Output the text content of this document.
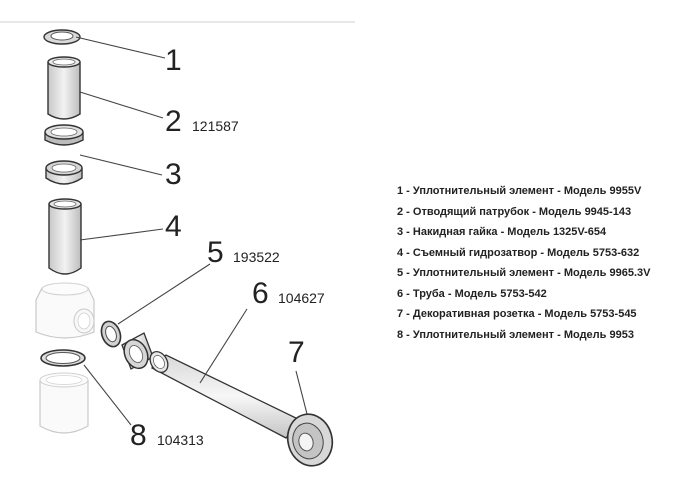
1
2 121587
3
4
5 193522
6 104627
7
8 104313
1 - Уплотнительный элемент - Модель 9955V
2 - Отводящий патрубок - Модель 9945-143
3 - Накидная гайка - Модель 1325V-654
4 - Съемный гидрозатвор - Модель 5753-632
5 - Уплотнительный элемент - Модель 9965.3V
6 - Труба - Модель 5753-542
7 - Декоративная розетка - Модель 5753-545
8 - Уплотнительный элемент - Модель 9953
